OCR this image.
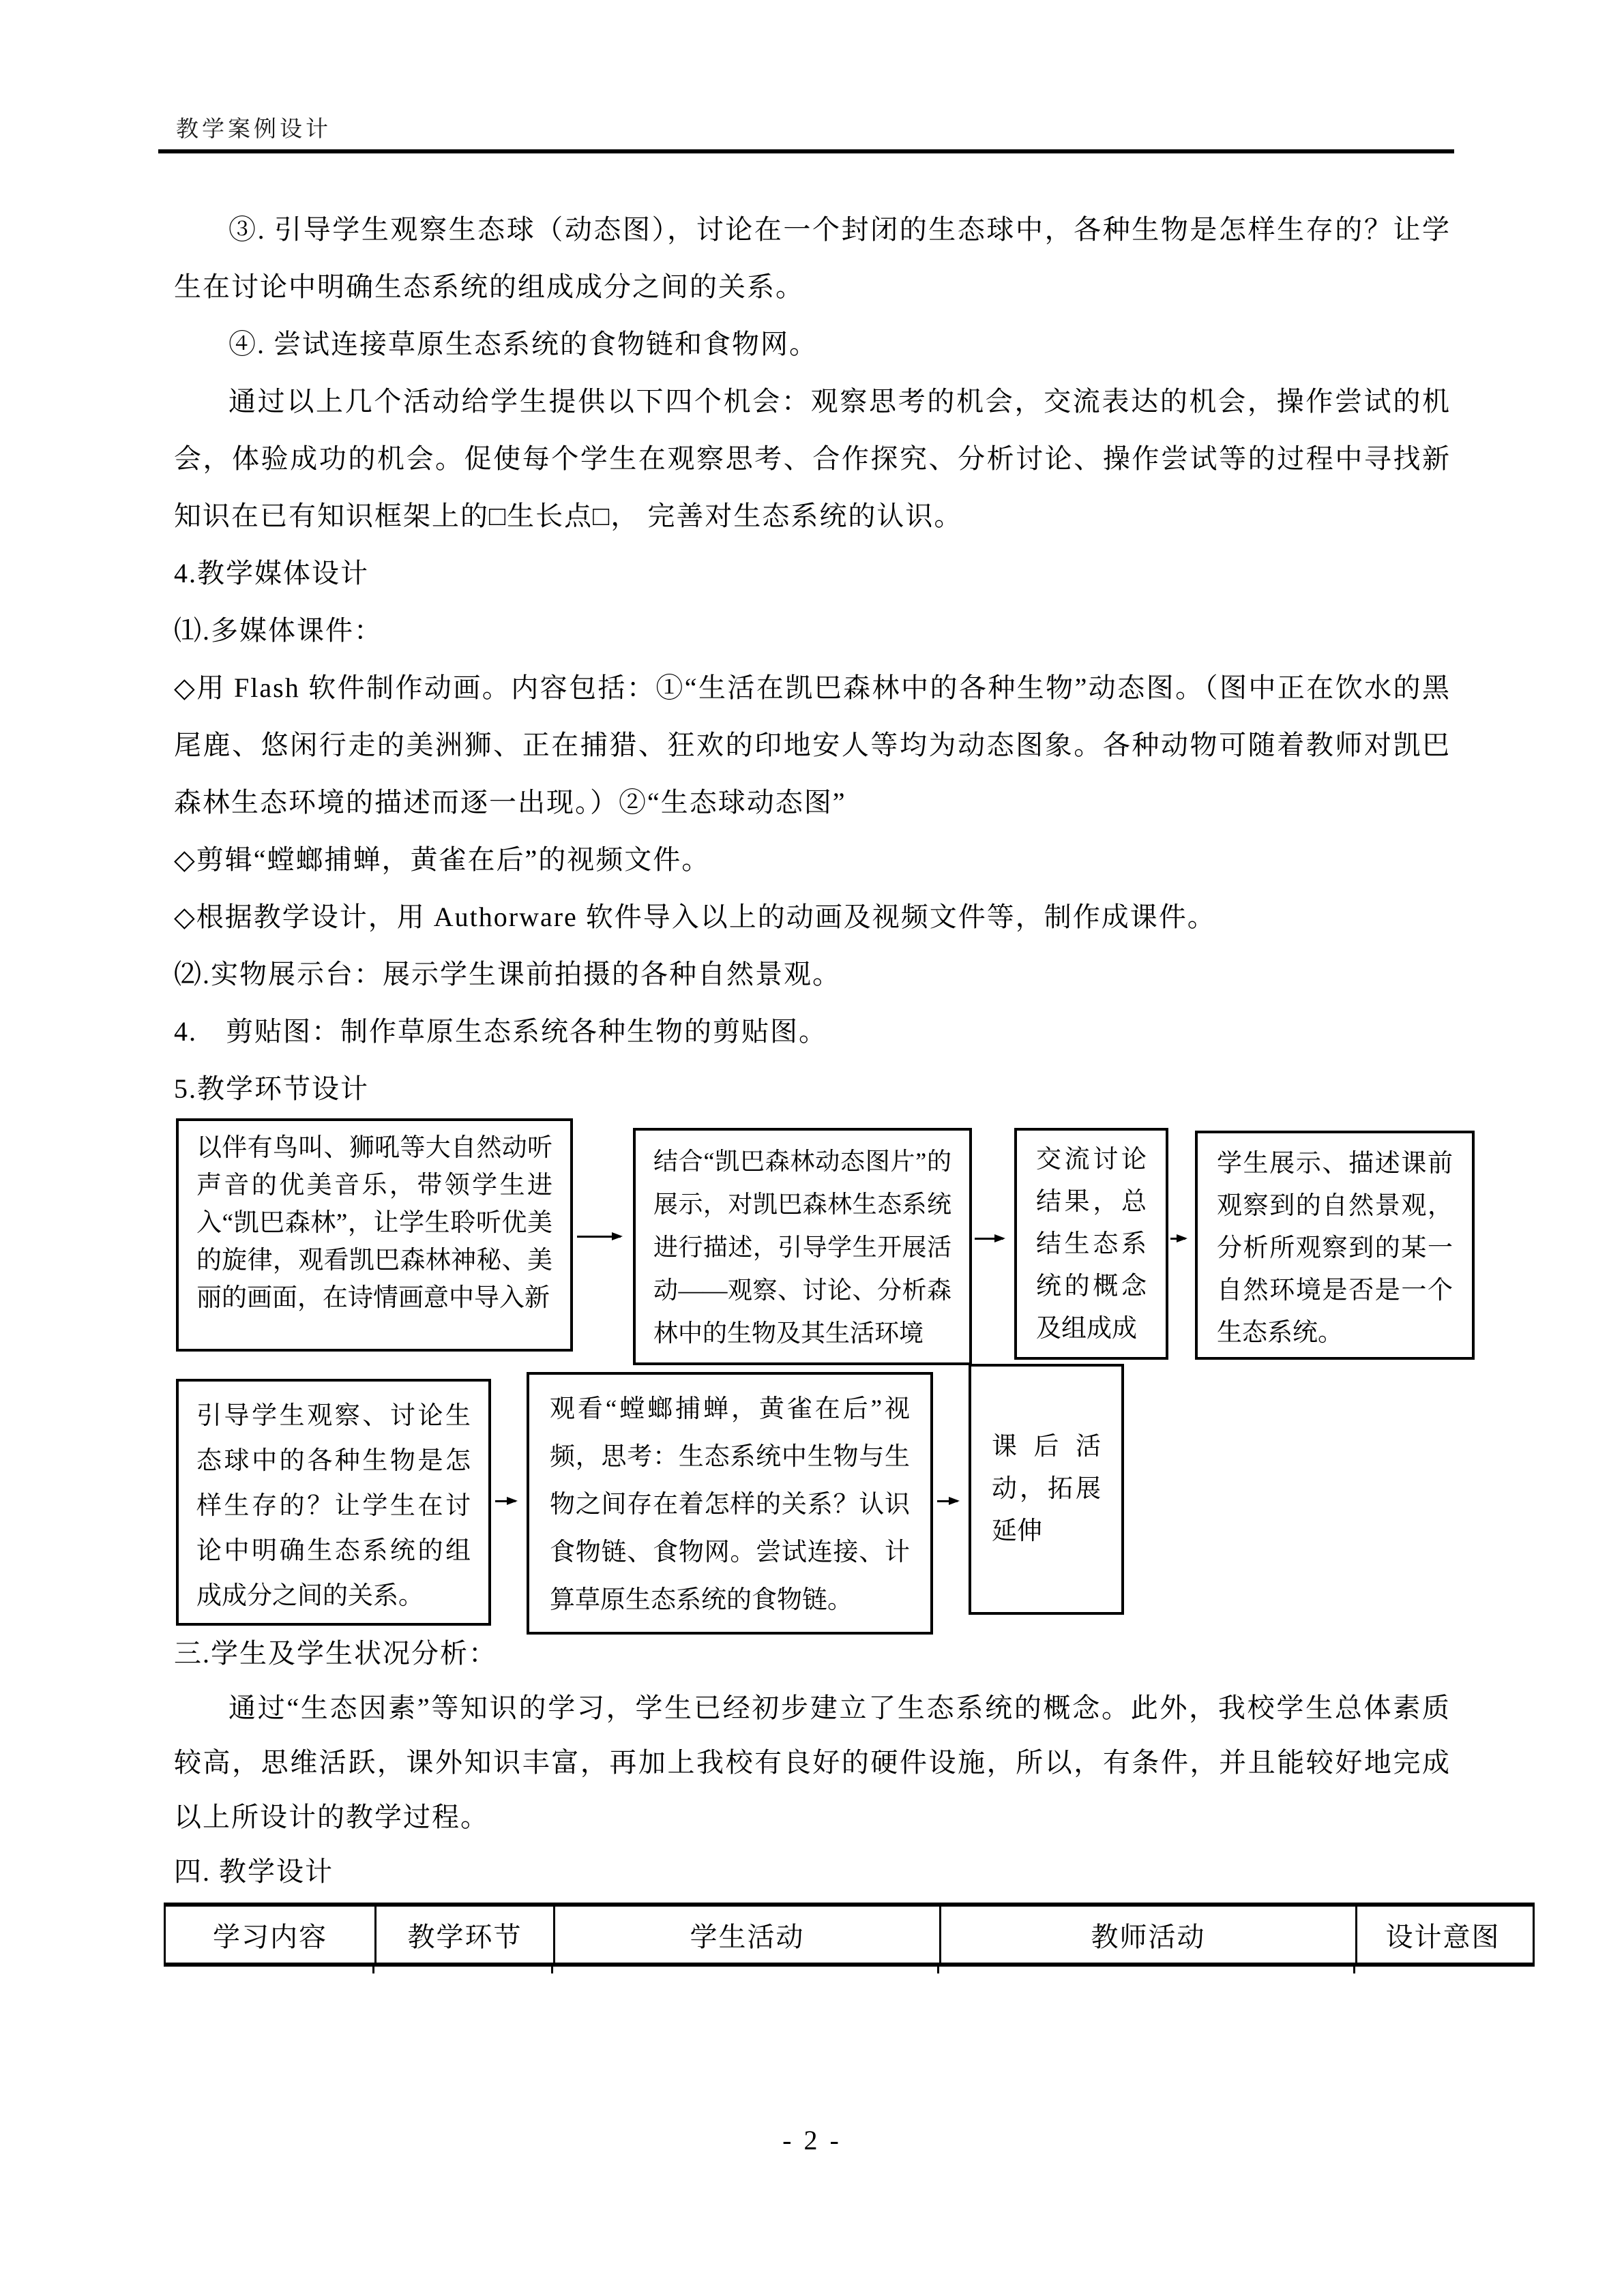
教学案例设计

③. 引导学生观察生态球（动态图），讨论在一个封闭的生态球中，各种生物是怎样生存的？让学生在讨论中明确生态系统的组成成分之间的关系。

④. 尝试连接草原生态系统的食物链和食物网。

通过以上几个活动给学生提供以下四个机会：观察思考的机会，交流表达的机会，操作尝试的机会，体验成功的机会。促使每个学生在观察思考、合作探究、分析讨论、操作尝试等的过程中寻找新知识在已有知识框架上的□生长点□， 完善对生态系统的认识。

4.教学媒体设计

⑴.多媒体课件：

◇用 Flash 软件制作动画。内容包括：①“生活在凯巴森林中的各种生物”动态图。（图中正在饮水的黑尾鹿、悠闲行走的美洲狮、正在捕猎、狂欢的印地安人等均为动态图象。各种动物可随着教师对凯巴森林生态环境的描述而逐一出现。）②“生态球动态图”

◇剪辑“螳螂捕蝉，黄雀在后”的视频文件。

◇根据教学设计，用 Authorware 软件导入以上的动画及视频文件等，制作成课件。

⑵.实物展示台：展示学生课前拍摄的各种自然景观。

4.　剪贴图：制作草原生态系统各种生物的剪贴图。

5.教学环节设计

以伴有鸟叫、狮吼等大自然动听声音的优美音乐，带领学生进入“凯巴森林”，让学生聆听优美的旋律，观看凯巴森林神秘、美丽的画面，在诗情画意中导入新
结合“凯巴森林动态图片”的展示，对凯巴森林生态系统进行描述，引导学生开展活动——观察、讨论、分析森林中的生物及其生活环境
交流讨论结果，总结生态系统的概念及组成成
学生展示、描述课前观察到的自然景观，分析所观察到的某一自然环境是否是一个生态系统。
引导学生观察、讨论生态球中的各种生物是怎样生存的？让学生在讨论中明确生态系统的组成成分之间的关系。
观看“螳螂捕蝉，黄雀在后”视频，思考：生态系统中生物与生物之间存在着怎样的关系？认识食物链、食物网。尝试连接、计算草原生态系统的食物链。
课后活动，拓展延伸

三.学生及学生状况分析：

通过“生态因素”等知识的学习，学生已经初步建立了生态系统的概念。此外，我校学生总体素质较高，思维活跃，课外知识丰富，再加上我校有良好的硬件设施，所以，有条件，并且能较好地完成以上所设计的教学过程。

四. 教学设计

学习内容	教学环节	学生活动	教师活动	设计意图
- 2 -
